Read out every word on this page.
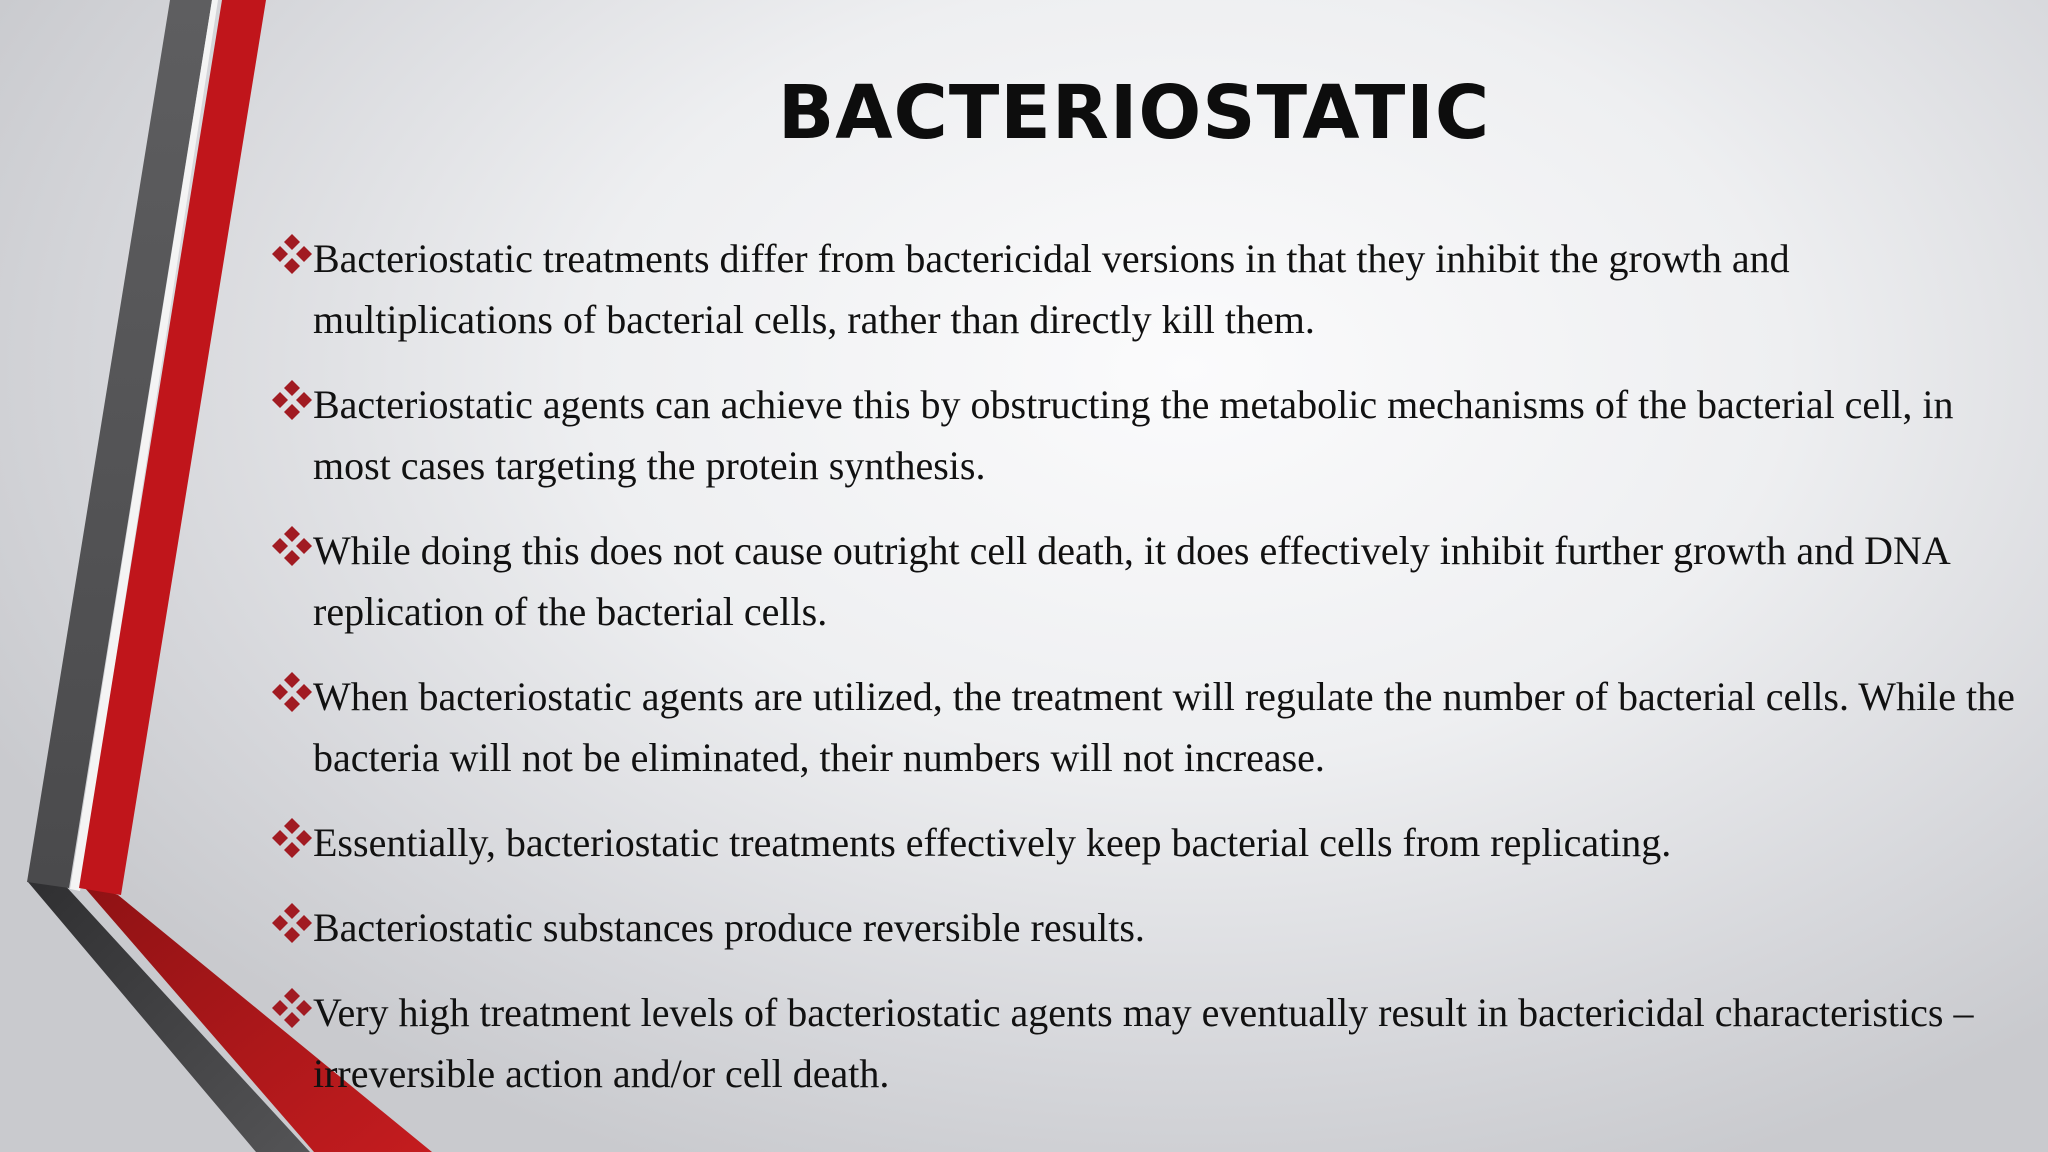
BACTERIOSTATIC
Bacteriostatic treatments differ from bactericidal versions in that they inhibit the growth and multiplications of bacterial cells, rather than directly kill them.
Bacteriostatic agents can achieve this by obstructing the metabolic mechanisms of the bacterial cell, in most cases targeting the protein synthesis.
While doing this does not cause outright cell death, it does effectively inhibit further growth and DNA replication of the bacterial cells.
When bacteriostatic agents are utilized, the treatment will regulate the number of bacterial cells. While the bacteria will not be eliminated, their numbers will not increase.
Essentially, bacteriostatic treatments effectively keep bacterial cells from replicating.
Bacteriostatic substances produce reversible results.
Very high treatment levels of bacteriostatic agents may eventually result in bactericidal characteristics – irreversible action and/or cell death.
